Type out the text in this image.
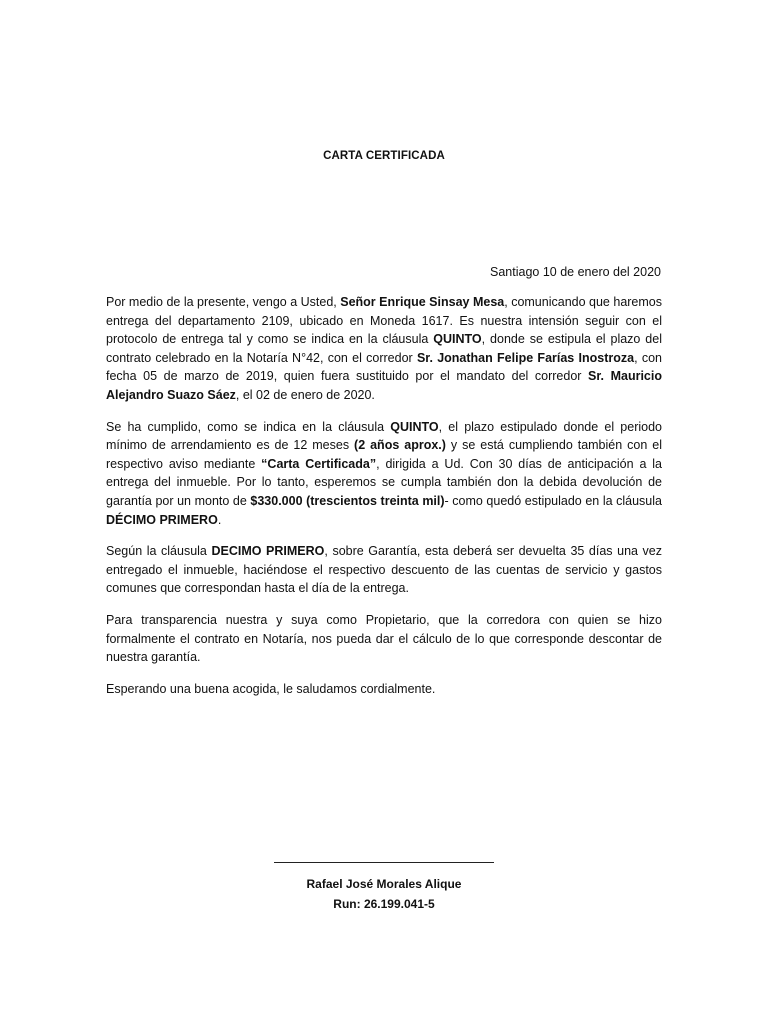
CARTA CERTIFICADA
Santiago 10 de enero del 2020

Por medio de la presente, vengo a Usted, Señor Enrique Sinsay Mesa, comunicando que haremos entrega del departamento 2109, ubicado en Moneda 1617. Es nuestra intensión seguir con el protocolo de entrega tal y como se indica en la cláusula QUINTO, donde se estipula el plazo del contrato celebrado en la Notaría N°42, con el corredor Sr. Jonathan Felipe Farías Inostroza, con fecha 05 de marzo de 2019, quien fuera sustituido por el mandato del corredor Sr. Mauricio Alejandro Suazo Sáez, el 02 de enero de 2020.

Se ha cumplido, como se indica en la cláusula QUINTO, el plazo estipulado donde el periodo mínimo de arrendamiento es de 12 meses (2 años aprox.) y se está cumpliendo también con el respectivo aviso mediante “Carta Certificada”, dirigida a Ud. Con 30 días de anticipación a la entrega del inmueble. Por lo tanto, esperemos se cumpla también don la debida devolución de garantía por un monto de $330.000 (trescientos treinta mil)- como quedó estipulado en la cláusula DÉCIMO PRIMERO.

Según la cláusula DECIMO PRIMERO, sobre Garantía, esta deberá ser devuelta 35 días una vez entregado el inmueble, haciéndose el respectivo descuento de las cuentas de servicio y gastos comunes que correspondan hasta el día de la entrega.

Para transparencia nuestra y suya como Propietario, que la corredora con quien se hizo formalmente el contrato en Notaría, nos pueda dar el cálculo de lo que corresponde descontar de nuestra garantía.

Esperando una buena acogida, le saludamos cordialmente.

Rafael José Morales Alique
Run: 26.199.041-5
